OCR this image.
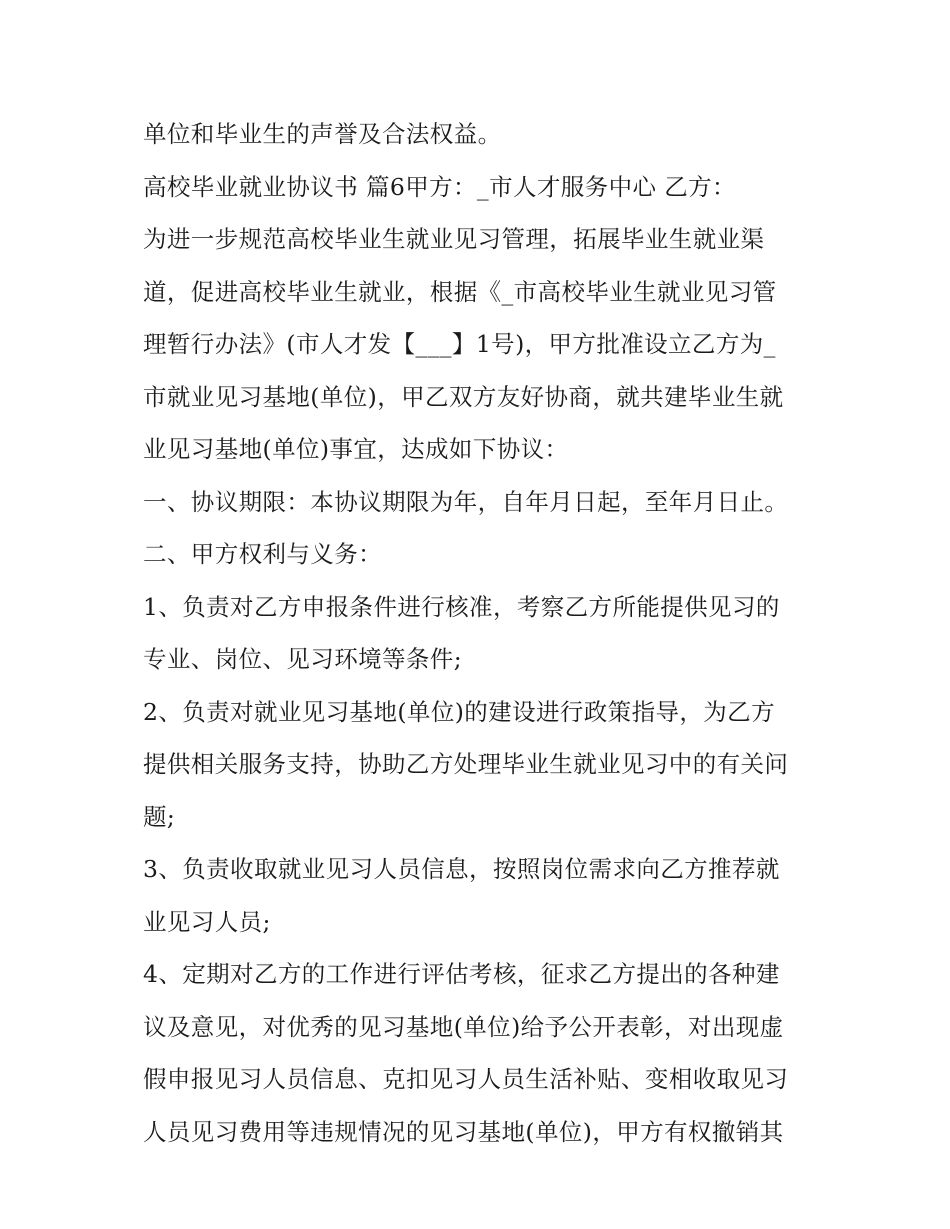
单位和毕业生的声誉及合法权益。
高校毕业就业协议书 篇6甲方：_市人才服务中心 乙方：
为进一步规范高校毕业生就业见习管理，拓展毕业生就业渠
道，促进高校毕业生就业，根据《_市高校毕业生就业见习管
理暂行办法》(市人才发【___】1号)，甲方批准设立乙方为_
市就业见习基地(单位)，甲乙双方友好协商，就共建毕业生就
业见习基地(单位)事宜，达成如下协议：
一、协议期限：本协议期限为年，自年月日起，至年月日止。
二、甲方权利与义务：
1、负责对乙方申报条件进行核准，考察乙方所能提供见习的
专业、岗位、见习环境等条件;
2、负责对就业见习基地(单位)的建设进行政策指导，为乙方
提供相关服务支持，协助乙方处理毕业生就业见习中的有关问
题;
3、负责收取就业见习人员信息，按照岗位需求向乙方推荐就
业见习人员;
4、定期对乙方的工作进行评估考核，征求乙方提出的各种建
议及意见，对优秀的见习基地(单位)给予公开表彰，对出现虚
假申报见习人员信息、克扣见习人员生活补贴、变相收取见习
人员见习费用等违规情况的见习基地(单位)，甲方有权撤销其
